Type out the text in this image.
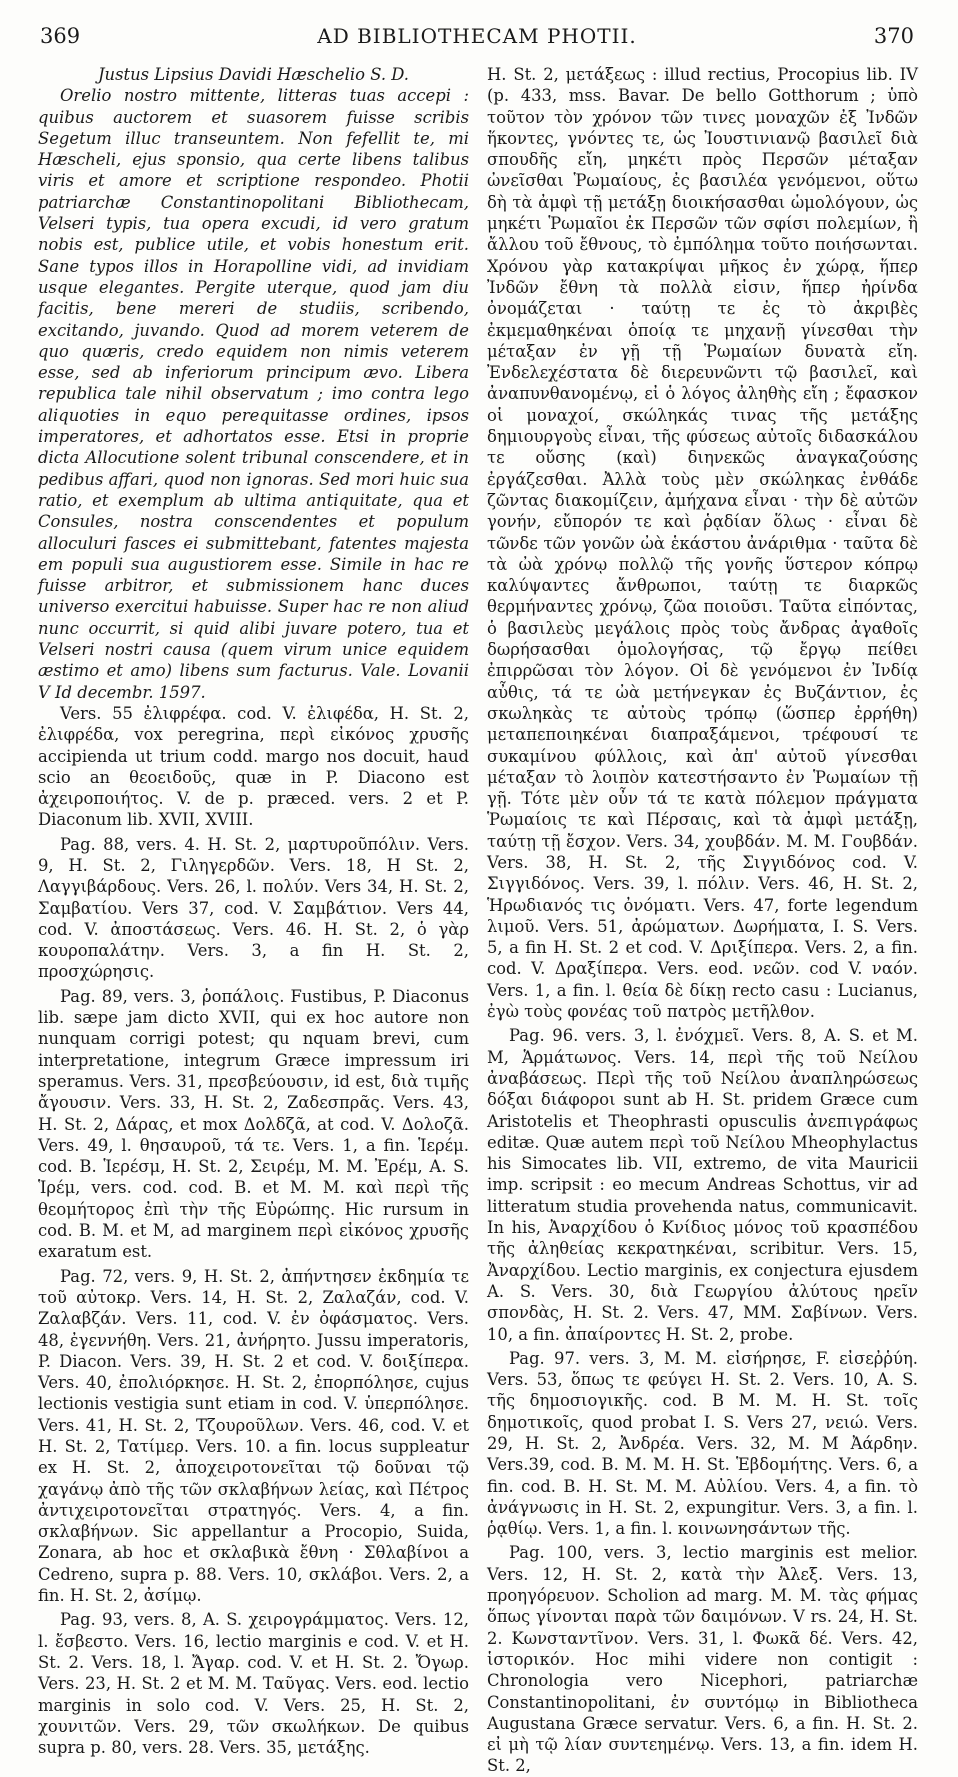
369	AD BIBLIOTHECAM PHOTII.	370

Justus Lipsius Davidi Hæschelio S. D.

Orelio nostro mittente, litteras tuas accepi : quibus auctorem et suasorem fuisse scribis Segetum illuc transeuntem. Non fefellit te, mi Hæscheli, ejus sponsio, qua certe libens talibus viris et amore et scriptione respondeo. Photii patriarchæ Constantinopolitani Bibliothecam, Velseri typis, tua opera excudi, id vero gratum nobis est, publice utile, et vobis honestum erit. Sane typos illos in Horapolline vidi, ad invidiam usque elegantes. Pergite uterque, quod jam diu facitis, bene mereri de studiis, scribendo, excitando, juvando. Quod ad morem veterem de quo quæris, credo equidem non nimis veterem esse, sed ab inferiorum principum ævo. Libera republica tale nihil observatum ; imo contra lego aliquoties in equo perequitasse ordines, ipsos imperatores, et adhortatos esse. Etsi in proprie dicta Allocutione solent tribunal conscendere, et in pedibus affari, quod non ignoras. Sed mori huic sua ratio, et exemplum ab ultima antiquitate, qua et Consules, nostra conscendentes et populum alloculuri fasces ei submittebant, fatentes majesta em populi sua augustiorem esse. Simile in hac re fuisse arbitror, et submissionem hanc duces universo exercitui habuisse. Super hac re non aliud nunc occurrit, si quid alibi juvare potero, tua et Velseri nostri causa (quem virum unice equidem æstimo et amo) libens sum facturus. Vale. Lovanii V Id decembr. 1597.

Vers. 55 ἐλιφρέφα. cod. V. ἐλιφέδα, H. St. 2, ἐλιφρέδα, vox peregrina, περὶ εἰκόνος χρυσῆς accipienda ut trium codd. margo nos docuit, haud scio an θεοειδοῦς, quæ in P. Diacono est ἀχειροποιήτος. V. de p. præced. vers. 2 et P. Diaconum lib. XVII, XVIII.

Pag. 88, vers. 4. H. St. 2, μαρτυροῦπόλιν. Vers. 9, H. St. 2, Γιληγερδῶν. Vers. 18, H St. 2, Λαγγιβάρδους. Vers. 26, l. πολύν. Vers 34, H. St. 2, Σαμβατίου. Vers 37, cod. V. Σαμβάτιον. Vers 44, cod. V. ἀποστάσεως. Vers. 46. H. St. 2, ὁ γὰρ κουροπαλάτην. Vers. 3, a fin H. St. 2, προσχώρησις.

Pag. 89, vers. 3, ῥοπάλοις. Fustibus, P. Diaconus lib. sæpe jam dicto XVII, qui ex hoc autore non nunquam corrigi potest; qu nquam brevi, cum interpretatione, integrum Græce impressum iri speramus. Vers. 31, πρεσβεύουσιν, id est, διὰ τιμῆς ἄγουσιν. Vers. 33, H. St. 2, Ζαδεσπρᾶς. Vers. 43, H. St. 2, Δάρας, et mox Δολδζᾶ, at cod. V. Δολοζᾶ. Vers. 49, l. θησαυροῦ, τά τε. Vers. 1, a fin. Ἱερέμ. cod. B. Ἱερέσμ, H. St. 2, Σειρέμ, M. M. Ἐρέμ, A. S. Ἱρέμ, vers. cod. cod. B. et M. M. καὶ περὶ τῆς θεομήτορος ἐπὶ τὴν τῆς Εὐρώπης. Hic rursum in cod. B. M. et M, ad marginem περὶ εἰκόνος χρυσῆς exaratum est.

Pag. 72, vers. 9, H. St. 2, ἀπήντησεν ἐκδημία τε τοῦ αὐτοκρ. Vers. 14, H. St. 2, Ζαλαζάν, cod. V. Ζαλαβζάν. Vers. 11, cod. V. ἐν ὀφάσματος. Vers. 48, ἐγεννήθη. Vers. 21, ἀνήρητο. Jussu imperatoris, P. Diacon. Vers. 39, H. St. 2 et cod. V. δοιξίπερα. Vers. 40, ἐπολιόρκησε. H. St. 2, ἐπορπόλησε, cujus lectionis vestigia sunt etiam in cod. V. ὑπερπόλησε. Vers. 41, H. St. 2, Τζουροῦλων. Vers. 46, cod. V. et H. St. 2, Τατίμερ. Vers. 10. a fin. locus suppleatur ex H. St. 2, ἀποχειροτονεῖται τῷ δοῦναι τῷ χαγάνῳ ἀπὸ τῆς τῶν σκλαβήνων λείας, καὶ Πέτρος ἀντιχειροτονεῖται στρατηγός. Vers. 4, a fin. σκλαβήνων. Sic appellantur a Procopio, Suida, Zonara, ab hoc et σκλαβικὰ ἔθνη · Σθλαβίνοι a Cedreno, supra p. 88. Vers. 10, σκλάβοι. Vers. 2, a fin. H. St. 2, ἀσίμῳ.

Pag. 93, vers. 8, A. S. χειρογράμματος. Vers. 12, l. ἔσβεστο. Vers. 16, lectio marginis e cod. V. et H. St. 2. Vers. 18, l. Ἄγαρ. cod. V. et H. St. 2. Ὄγωρ. Vers. 23, H. St. 2 et M. M. Ταῦγας. Vers. eod. lectio marginis in solo cod. V. Vers. 25, H. St. 2, χουνιτῶν. Vers. 29, τῶν σκωλήκων. De quibus supra p. 80, vers. 28. Vers. 35, μετάξης.

H. St. 2, μετάξεως : illud rectius, Procopius lib. IV (p. 433, mss. Bavar. De bello Gotthorum ; ὑπὸ τοῦτον τὸν χρόνον τῶν τινες μοναχῶν ἐξ Ἰνδῶν ἥκοντες, γνόντες τε, ὡς Ἰουστινιανῷ βασιλεῖ διὰ σπουδῆς εἴη, μηκέτι πρὸς Περσῶν μέταξαν ὠνεῖσθαι Ῥωμαίους, ἐς βασιλέα γενόμενοι, οὕτω δὴ τὰ ἀμφὶ τῇ μετάξῃ διοικήσασθαι ὡμολόγουν, ὡς μηκέτι Ῥωμαῖοι ἐκ Περσῶν τῶν σφίσι πολεμίων, ἢ ἄλλου τοῦ ἔθνους, τὸ ἐμπόλημα τοῦτο ποιήσωνται. Χρόνου γὰρ κατακρίψαι μῆκος ἐν χώρᾳ, ἥπερ Ἰνδῶν ἔθνη τὰ πολλὰ εἰσιν, ἥπερ ἠρίνδα ὀνομάζεται · ταύτῃ τε ἐς τὸ ἀκριβὲς ἐκμεμαθηκέναι ὁποίᾳ τε μηχανῇ γίνεσθαι τὴν μέταξαν ἐν γῇ τῇ Ῥωμαίων δυνατὰ εἴη. Ἐνδελεχέστατα δὲ διερευνῶντι τῷ βασιλεῖ, καὶ ἀναπυνθανομένῳ, εἰ ὁ λόγος ἀληθὴς εἴη ; ἔφασκον οἱ μοναχοί, σκώληκάς τινας τῆς μετάξης δημιουργοὺς εἶναι, τῆς φύσεως αὐτοῖς διδασκάλου τε οὔσης (καὶ) διηνεκῶς ἀναγκαζούσης ἐργάζεσθαι. Ἀλλὰ τοὺς μὲν σκώληκας ἐνθάδε ζῶντας διακομίζειν, ἀμήχανα εἶναι · τὴν δὲ αὐτῶν γονήν, εὔπορόν τε καὶ ῥᾳδίαν ὅλως · εἶναι δὲ τῶνδε τῶν γονῶν ὠὰ ἑκάστου ἀνάριθμα · ταῦτα δὲ τὰ ὠὰ χρόνῳ πολλῷ τῆς γονῆς ὕστερον κόπρῳ καλύψαντες ἄνθρωποι, ταύτῃ τε διαρκῶς θερμήναντες χρόνῳ, ζῶα ποιοῦσι. Ταῦτα εἰπόντας, ὁ βασιλεὺς μεγάλοις πρὸς τοὺς ἄνδρας ἀγαθοῖς δωρήσασθαι ὁμολογήσας, τῷ ἔργῳ πείθει ἐπιρρῶσαι τὸν λόγον. Οἱ δὲ γενόμενοι ἐν Ἰνδίᾳ αὖθις, τά τε ὠὰ μετήνεγκαν ἐς Βυζάντιον, ἐς σκωληκὰς τε αὐτοὺς τρόπῳ (ὥσπερ ἐρρήθη) μεταπεποιηκέναι διαπραξάμενοι, τρέφουσί τε συκαμίνου φύλλοις, καὶ ἀπ' αὐτοῦ γίνεσθαι μέταξαν τὸ λοιπὸν κατεστήσαντο ἐν Ῥωμαίων τῇ γῇ. Τότε μὲν οὖν τά τε κατὰ πόλεμον πράγματα Ῥωμαίοις τε καὶ Πέρσαις, καὶ τὰ ἀμφὶ μετάξῃ, ταύτῃ τῇ ἔσχον. Vers. 34, χουβδάν. M. M. Γουβδάν. Vers. 38, H. St. 2, τῆς Σιγγιδόνος cod. V. Σιγγιδόνος. Vers. 39, l. πόλιν. Vers. 46, H. St. 2, Ἡρωδιανός τις ὀνόματι. Vers. 47, forte legendum λιμοῦ. Vers. 51, ἀρώματων. Δωρήματα, I. S. Vers. 5, a fin H. St. 2 et cod. V. Δριξίπερα. Vers. 2, a fin. cod. V. Δραξίπερα. Vers. eod. νεῶν. cod V. ναόν. Vers. 1, a fin. l. θεία δὲ δίκῃ recto casu : Lucianus, ἐγὼ τοὺς φονέας τοῦ πατρὸς μετῆλθον.

Pag. 96. vers. 3, l. ἐνόχμεῖ. Vers. 8, A. S. et M. M, Ἁρμάτωνος. Vers. 14, περὶ τῆς τοῦ Νείλου ἀναβάσεως. Περὶ τῆς τοῦ Νείλου ἀναπληρώσεως δόξαι διάφοροι sunt ab H. St. pridem Græce cum Aristotelis et Theophrasti opusculis ἀνεπιγράφως editæ. Quæ autem περὶ τοῦ Νείλου Mheophylactus his Simocates lib. VII, extremo, de vita Mauricii imp. scripsit : eo mecum Andreas Schottus, vir ad litteratum studia provehenda natus, communicavit. In his, Ἀναρχίδου ὁ Κνίδιος μόνος τοῦ κρασπέδου τῆς ἀληθείας κεκρατηκέναι, scribitur. Vers. 15, Ἀναρχίδου. Lectio marginis, ex conjectura ejusdem A. S. Vers. 30, διὰ Γεωργίου ἀλύτους ηρεῖν σπονδὰς, H. St. 2. Vers. 47, MM. Σαβίνων. Vers. 10, a fin. ἀπαίροντες H. St. 2, probe.

Pag. 97. vers. 3, M. M. εἰσήρησε, F. εἰσεῤῥύη. Vers. 53, ὅπως τε φεύγει H. St. 2. Vers. 10, A. S. τῆς δημοσιογικῆς. cod. B M. M. H. St. τοῖς δημοτικοῖς, quod probat I. S. Vers 27, νειώ. Vers. 29, H. St. 2, Ἀνδρέα. Vers. 32, M. M Ἀάρδην. Vers.39, cod. B. M. M. H. St. Ἑβδομήτης. Vers. 6, a fin. cod. B. H. St. M. M. Αὐλίου. Vers. 4, a fin. τὸ ἀνάγνωσις in H. St. 2, expungitur. Vers. 3, a fin. l. ῥᾳθίῳ. Vers. 1, a fin. l. κοινωνησάντων τῆς.

Pag. 100, vers. 3, lectio marginis est melior. Vers. 12, H. St. 2, κατὰ τὴν Ἀλεξ. Vers. 13, προηγόρευον. Scholion ad marg. M. M. τὰς φήμας ὅπως γίνονται παρὰ τῶν δαιμόνων. V rs. 24, H. St. 2. Κωνσταντῖνον. Vers. 31, l. Φωκᾶ δέ. Vers. 42, ἱστορικόν. Hoc mihi videre non contigit : Chronologia vero Nicephori, patriarchæ Constantinopolitani, ἐν συντόμῳ in Bibliotheca Augustana Græce servatur. Vers. 6, a fin. H. St. 2. εἰ μὴ τῷ λίαν συντεημένῳ. Vers. 13, a fin. idem H. St. 2,
